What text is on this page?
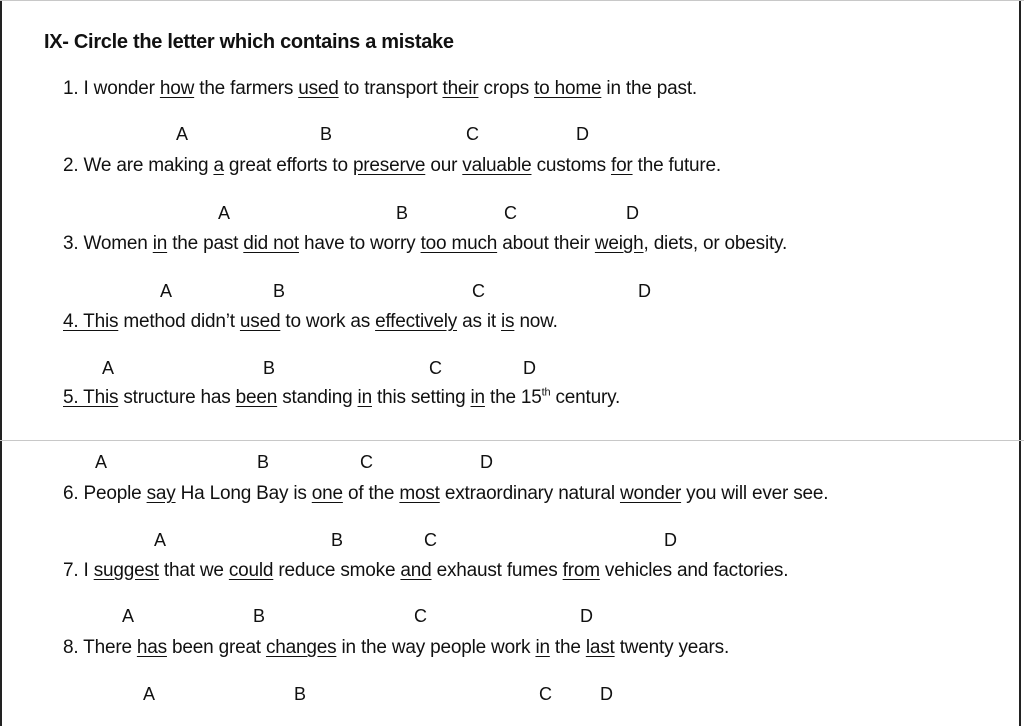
IX- Circle the letter which contains a mistake
1. I wonder how the farmers used to transport their crops to home in the past.
A	B	C	D
2. We are making a great efforts to preserve our valuable customs for the future.
A	B	C	D
3. Women in the past did not have to worry too much about their weigh, diets, or obesity.
A	B	C	D
4. This method didn’t used to work as effectively as it is now.
A	B	C	D
5. This structure has been standing in this setting in the 15th century.
A	B	C	D
6. People say Ha Long Bay is one of the most extraordinary natural wonder you will ever see.
A	B	C	D
7. I suggest that we could reduce smoke and exhaust fumes from vehicles and factories.
A	B	C	D
8. There has been great changes in the way people work in the last twenty years.
A	B	C	D
